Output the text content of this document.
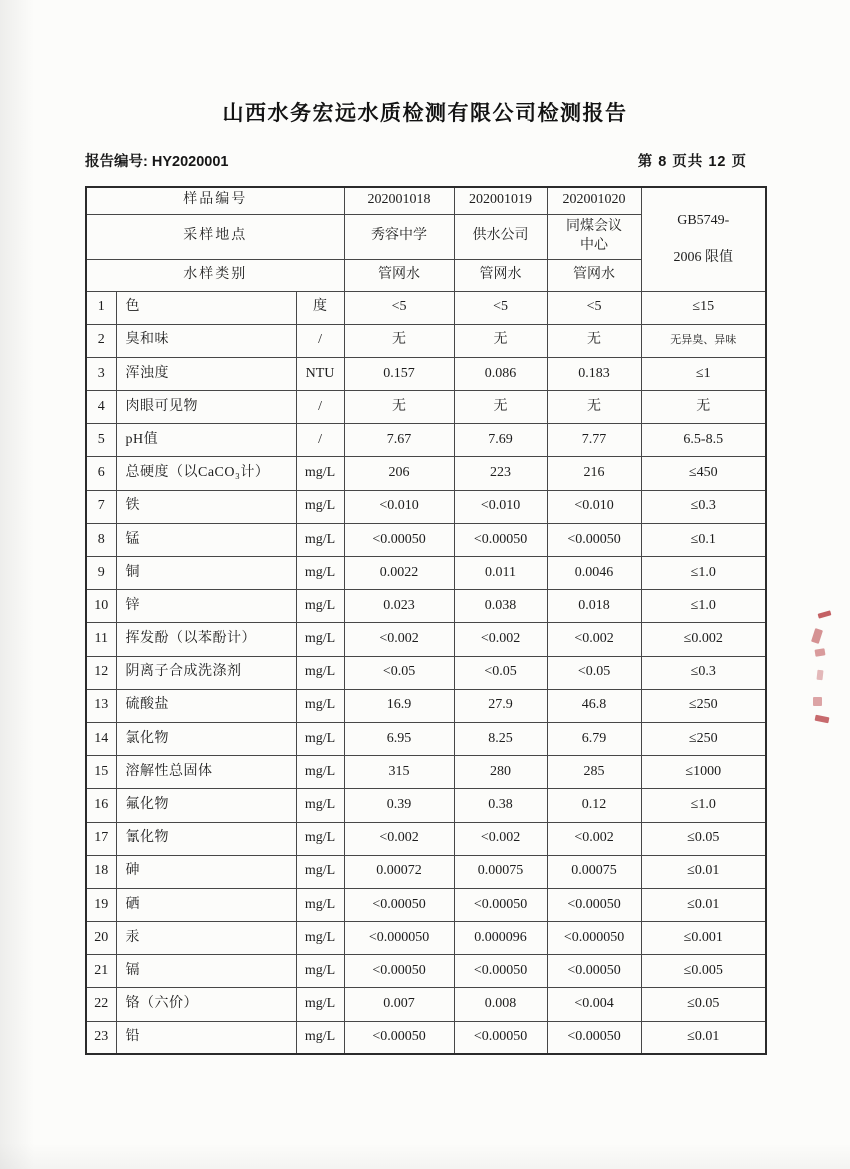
山西水务宏远水质检测有限公司检测报告
报告编号: HY2020001	第 8 页共 12 页
样品编号			202001018	202001019	202001020	GB5749-
2006 限值

采样地点			秀容中学	供水公司	同煤会议中心	
水样类别			管网水	管网水	管网水	
1	色	度	<5	<5	<5	≤15
2	臭和味	/	无	无	无	无异臭、异味
3	浑浊度	NTU	0.157	0.086	0.183	≤1
4	肉眼可见物	/	无	无	无	无
5	pH值	/	7.67	7.69	7.77	6.5-8.5
6	总硬度（以CaCO₃计）	mg/L	206	223	216	≤450
7	铁	mg/L	<0.010	<0.010	<0.010	≤0.3
8	锰	mg/L	<0.00050	<0.00050	<0.00050	≤0.1
9	铜	mg/L	0.0022	0.011	0.0046	≤1.0
10	锌	mg/L	0.023	0.038	0.018	≤1.0
11	挥发酚（以苯酚计）	mg/L	<0.002	<0.002	<0.002	≤0.002
12	阴离子合成洗涤剂	mg/L	<0.05	<0.05	<0.05	≤0.3
13	硫酸盐	mg/L	16.9	27.9	46.8	≤250
14	氯化物	mg/L	6.95	8.25	6.79	≤250
15	溶解性总固体	mg/L	315	280	285	≤1000
16	氟化物	mg/L	0.39	0.38	0.12	≤1.0
17	氰化物	mg/L	<0.002	<0.002	<0.002	≤0.05
18	砷	mg/L	0.00072	0.00075	0.00075	≤0.01
19	硒	mg/L	<0.00050	<0.00050	<0.00050	≤0.01
20	汞	mg/L	<0.000050	0.000096	<0.000050	≤0.001
21	镉	mg/L	<0.00050	<0.00050	<0.00050	≤0.005
22	铬（六价）	mg/L	0.007	0.008	<0.004	≤0.05
23	铅	mg/L	<0.00050	<0.00050	<0.00050	≤0.01
